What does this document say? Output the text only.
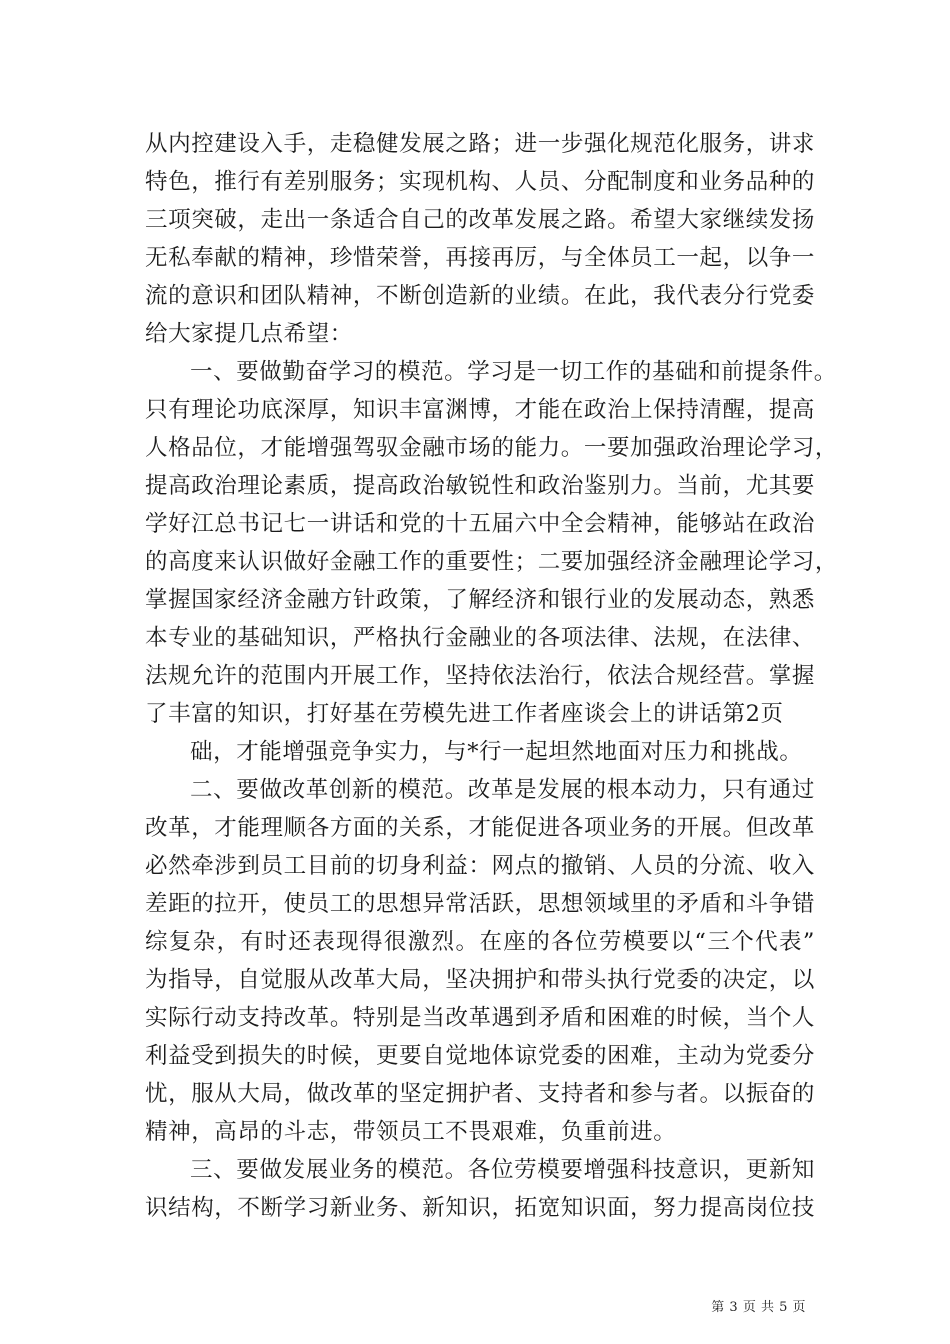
从内控建设入手，走稳健发展之路；进一步强化规范化服务，讲求
特色，推行有差别服务；实现机构、人员、分配制度和业务品种的
三项突破，走出一条适合自己的改革发展之路。希望大家继续发扬
无私奉献的精神，珍惜荣誉，再接再厉，与全体员工一起，以争一
流的意识和团队精神，不断创造新的业绩。在此，我代表分行党委
给大家提几点希望：
一、要做勤奋学习的模范。学习是一切工作的基础和前提条件。
只有理论功底深厚，知识丰富渊博，才能在政治上保持清醒，提高
人格品位，才能增强驾驭金融市场的能力。一要加强政治理论学习，
提高政治理论素质，提高政治敏锐性和政治鉴别力。当前，尤其要
学好江总书记七一讲话和党的十五届六中全会精神，能够站在政治
的高度来认识做好金融工作的重要性；二要加强经济金融理论学习，
掌握国家经济金融方针政策，了解经济和银行业的发展动态，熟悉
本专业的基础知识，严格执行金融业的各项法律、法规，在法律、
法规允许的范围内开展工作，坚持依法治行，依法合规经营。掌握
了丰富的知识，打好基在劳模先进工作者座谈会上的讲话第2页
础，才能增强竞争实力，与*行一起坦然地面对压力和挑战。
二、要做改革创新的模范。改革是发展的根本动力，只有通过
改革，才能理顺各方面的关系，才能促进各项业务的开展。但改革
必然牵涉到员工目前的切身利益：网点的撤销、人员的分流、收入
差距的拉开，使员工的思想异常活跃，思想领域里的矛盾和斗争错
综复杂，有时还表现得很激烈。在座的各位劳模要以“三个代表”
为指导，自觉服从改革大局，坚决拥护和带头执行党委的决定，以
实际行动支持改革。特别是当改革遇到矛盾和困难的时候，当个人
利益受到损失的时候，更要自觉地体谅党委的困难，主动为党委分
忧，服从大局，做改革的坚定拥护者、支持者和参与者。以振奋的
精神，高昂的斗志，带领员工不畏艰难，负重前进。
三、要做发展业务的模范。各位劳模要增强科技意识，更新知
识结构，不断学习新业务、新知识，拓宽知识面，努力提高岗位技
第 3 页 共 5 页
